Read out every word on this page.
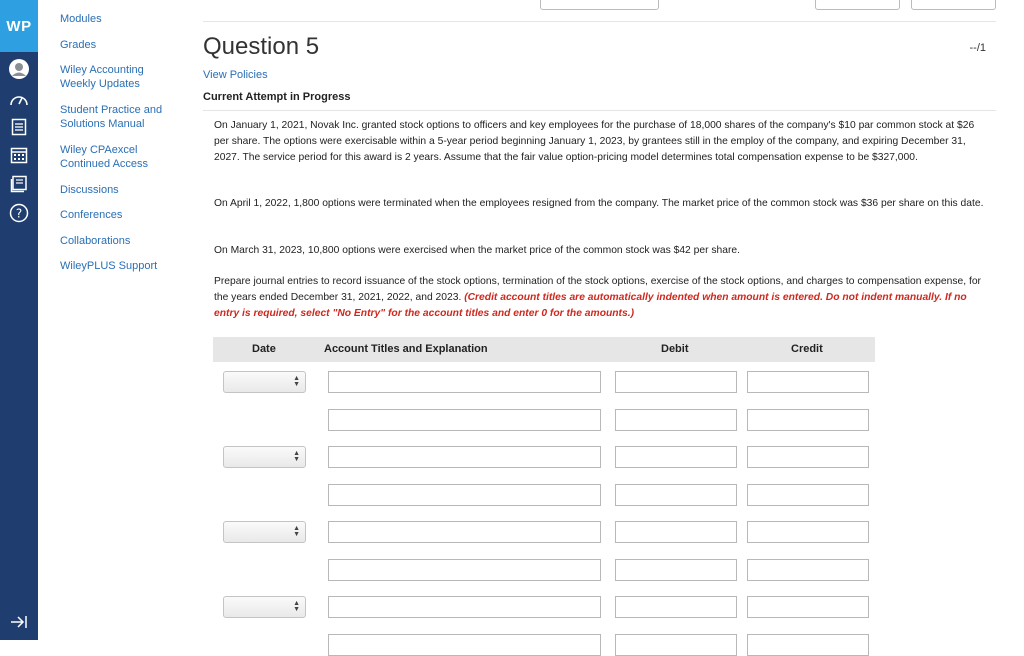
WP
?
Modules
Grades
Wiley Accounting Weekly Updates
Student Practice and Solutions Manual
Wiley CPAexcel Continued Access
Discussions
Conferences
Collaborations
WileyPLUS Support
Question 5	--/1
View Policies
Current Attempt in Progress

On January 1, 2021, Novak Inc. granted stock options to officers and key employees for the purchase of 18,000 shares of the company's $10 par common stock at $26 per share. The options were exercisable within a 5-year period beginning January 1, 2023, by grantees still in the employ of the company, and expiring December 31, 2027. The service period for this award is 2 years. Assume that the fair value option-pricing model determines total compensation expense to be $327,000.

On April 1, 2022, 1,800 options were terminated when the employees resigned from the company. The market price of the common stock was $36 per share on this date.

On March 31, 2023, 10,800 options were exercised when the market price of the common stock was $42 per share.

Prepare journal entries to record issuance of the stock options, termination of the stock options, exercise of the stock options, and charges to compensation expense, for the years ended December 31, 2021, 2022, and 2023. (Credit account titles are automatically indented when amount is entered. Do not indent manually. If no entry is required, select "No Entry" for the account titles and enter 0 for the amounts.)

Date	Account Titles and Explanation	Debit	Credit
▲
▼
▲
▼
▲
▼
▲
▼
